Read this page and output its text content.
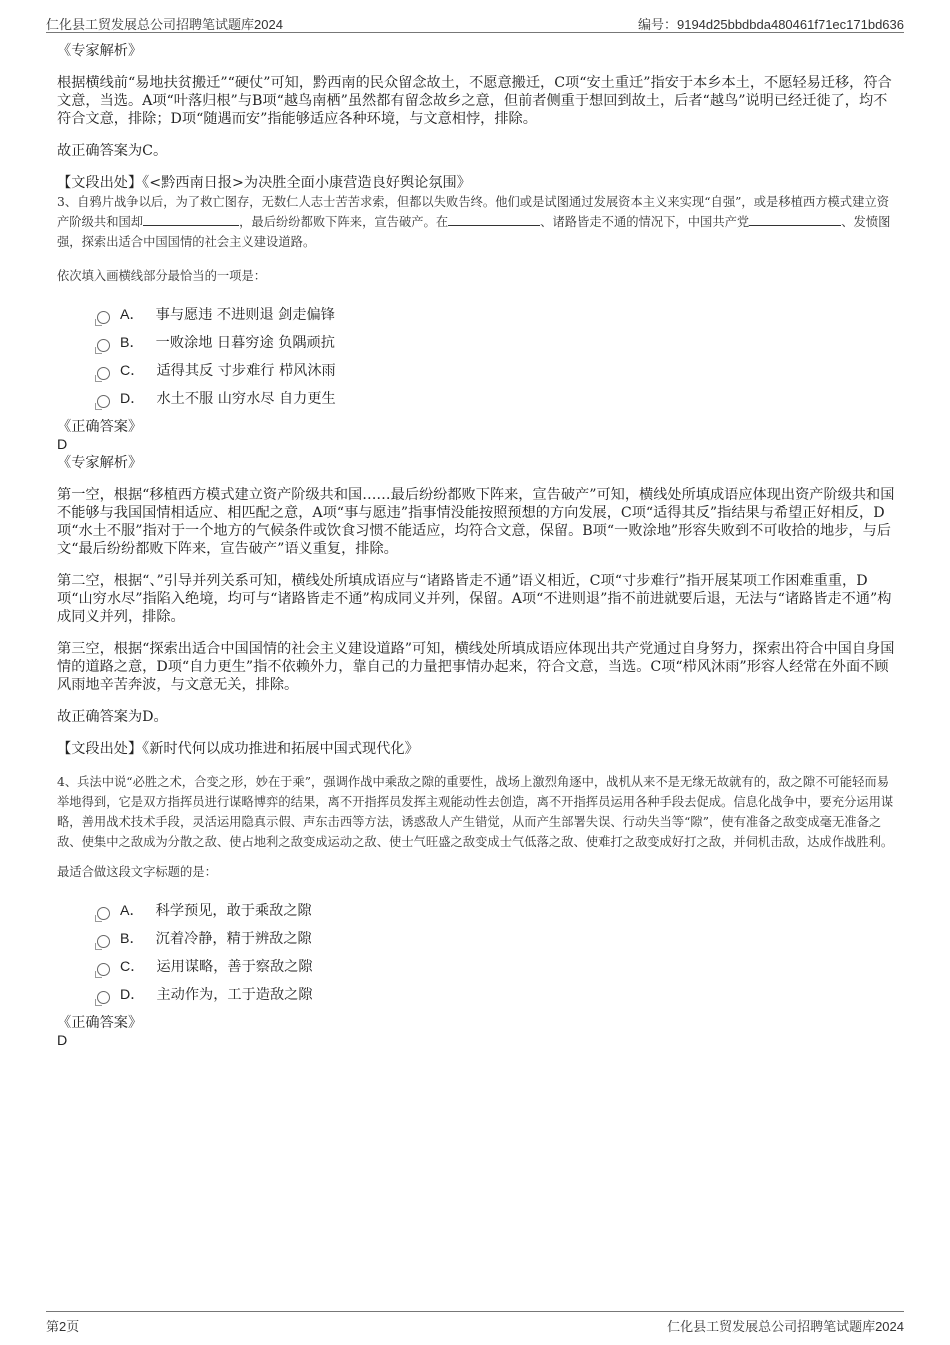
仁化县工贸发展总公司招聘笔试题库2024	编号：9194d25bbdbda480461f71ec171bd636

《专家解析》

根据横线前“易地扶贫搬迁”“硬仗”可知，黔西南的民众留念故土，不愿意搬迁，C项“安土重迁”指安于本乡本土，不愿轻易迁移，符合文意，当选。A项“叶落归根”与B项“越鸟南栖”虽然都有留念故乡之意，但前者侧重于想回到故土，后者“越鸟”说明已经迁徙了，均不符合文意，排除；D项“随遇而安”指能够适应各种环境，与文意相悖，排除。

故正确答案为C。

【文段出处】《<黔西南日报>为决胜全面小康营造良好舆论氛围》

3、自鸦片战争以后，为了救亡图存，无数仁人志士苦苦求索，但都以失败告终。他们或是试图通过发展资本主义来实现“自强”，或是移植西方模式建立资产阶级共和国却	，最后纷纷都败下阵来，宣告破产。在	、诸路皆走不通的情况下，中国共产党	、发愤图强，探索出适合中国国情的社会主义建设道路。

依次填入画横线部分最恰当的一项是：

A． 事与愿违 不进则退 剑走偏锋
B． 一败涂地 日暮穷途 负隅顽抗
C． 适得其反 寸步难行 栉风沐雨
D． 水土不服 山穷水尽 自力更生

《正确答案》

D

《专家解析》

第一空，根据“移植西方模式建立资产阶级共和国……最后纷纷都败下阵来，宣告破产”可知，横线处所填成语应体现出资产阶级共和国不能够与我国国情相适应、相匹配之意，A项“事与愿违”指事情没能按照预想的方向发展，C项“适得其反”指结果与希望正好相反，D项“水土不服”指对于一个地方的气候条件或饮食习惯不能适应，均符合文意，保留。B项“一败涂地”形容失败到不可收拾的地步，与后文“最后纷纷都败下阵来，宣告破产”语义重复，排除。

第二空，根据“、”引导并列关系可知，横线处所填成语应与“诸路皆走不通”语义相近，C项“寸步难行”指开展某项工作困难重重，D项“山穷水尽”指陷入绝境，均可与“诸路皆走不通”构成同义并列，保留。A项“不进则退”指不前进就要后退，无法与“诸路皆走不通”构成同义并列，排除。

第三空，根据“探索出适合中国国情的社会主义建设道路”可知，横线处所填成语应体现出共产党通过自身努力，探索出符合中国自身国情的道路之意，D项“自力更生”指不依赖外力，靠自己的力量把事情办起来，符合文意，当选。C项“栉风沐雨”形容人经常在外面不顾风雨地辛苦奔波，与文意无关，排除。

故正确答案为D。

【文段出处】《新时代何以成功推进和拓展中国式现代化》

4、兵法中说“必胜之术，合变之形，妙在于乘”，强调作战中乘敌之隙的重要性，战场上激烈角逐中，战机从来不是无缘无故就有的，敌之隙不可能轻而易举地得到，它是双方指挥员进行谋略博弈的结果，离不开指挥员发挥主观能动性去创造，离不开指挥员运用各种手段去促成。信息化战争中，要充分运用谋略，善用战术技术手段，灵活运用隐真示假、声东击西等方法，诱惑敌人产生错觉，从而产生部署失误、行动失当等“隙”，使有准备之敌变成毫无准备之敌、使集中之敌成为分散之敌、使占地利之敌变成运动之敌、使士气旺盛之敌变成士气低落之敌、使难打之敌变成好打之敌，并伺机击敌，达成作战胜利。

最适合做这段文字标题的是：

A． 科学预见，敢于乘敌之隙
B． 沉着冷静，精于辨敌之隙
C． 运用谋略，善于察敌之隙
D． 主动作为，工于造敌之隙

《正确答案》

D

第2页	仁化县工贸发展总公司招聘笔试题库2024
